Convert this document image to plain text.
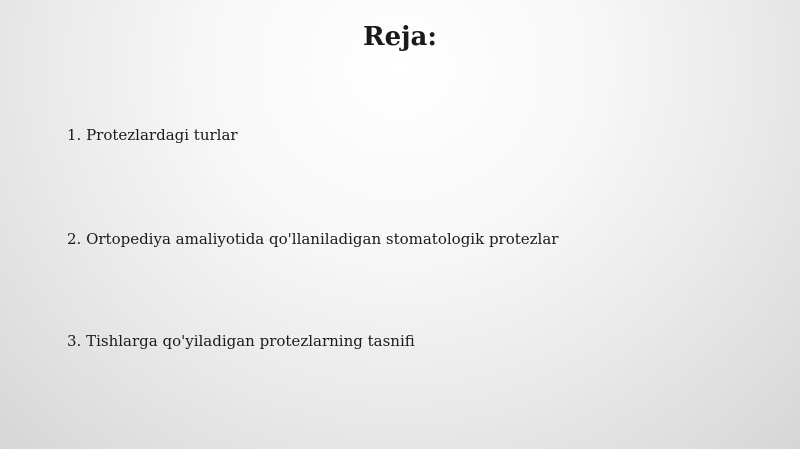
Reja:
1. Protezlardagi turlar
2. Ortopediya amaliyotida qo'llaniladigan stomatologik protezlar
3. Tishlarga qo'yiladigan protezlarning tasnifi
